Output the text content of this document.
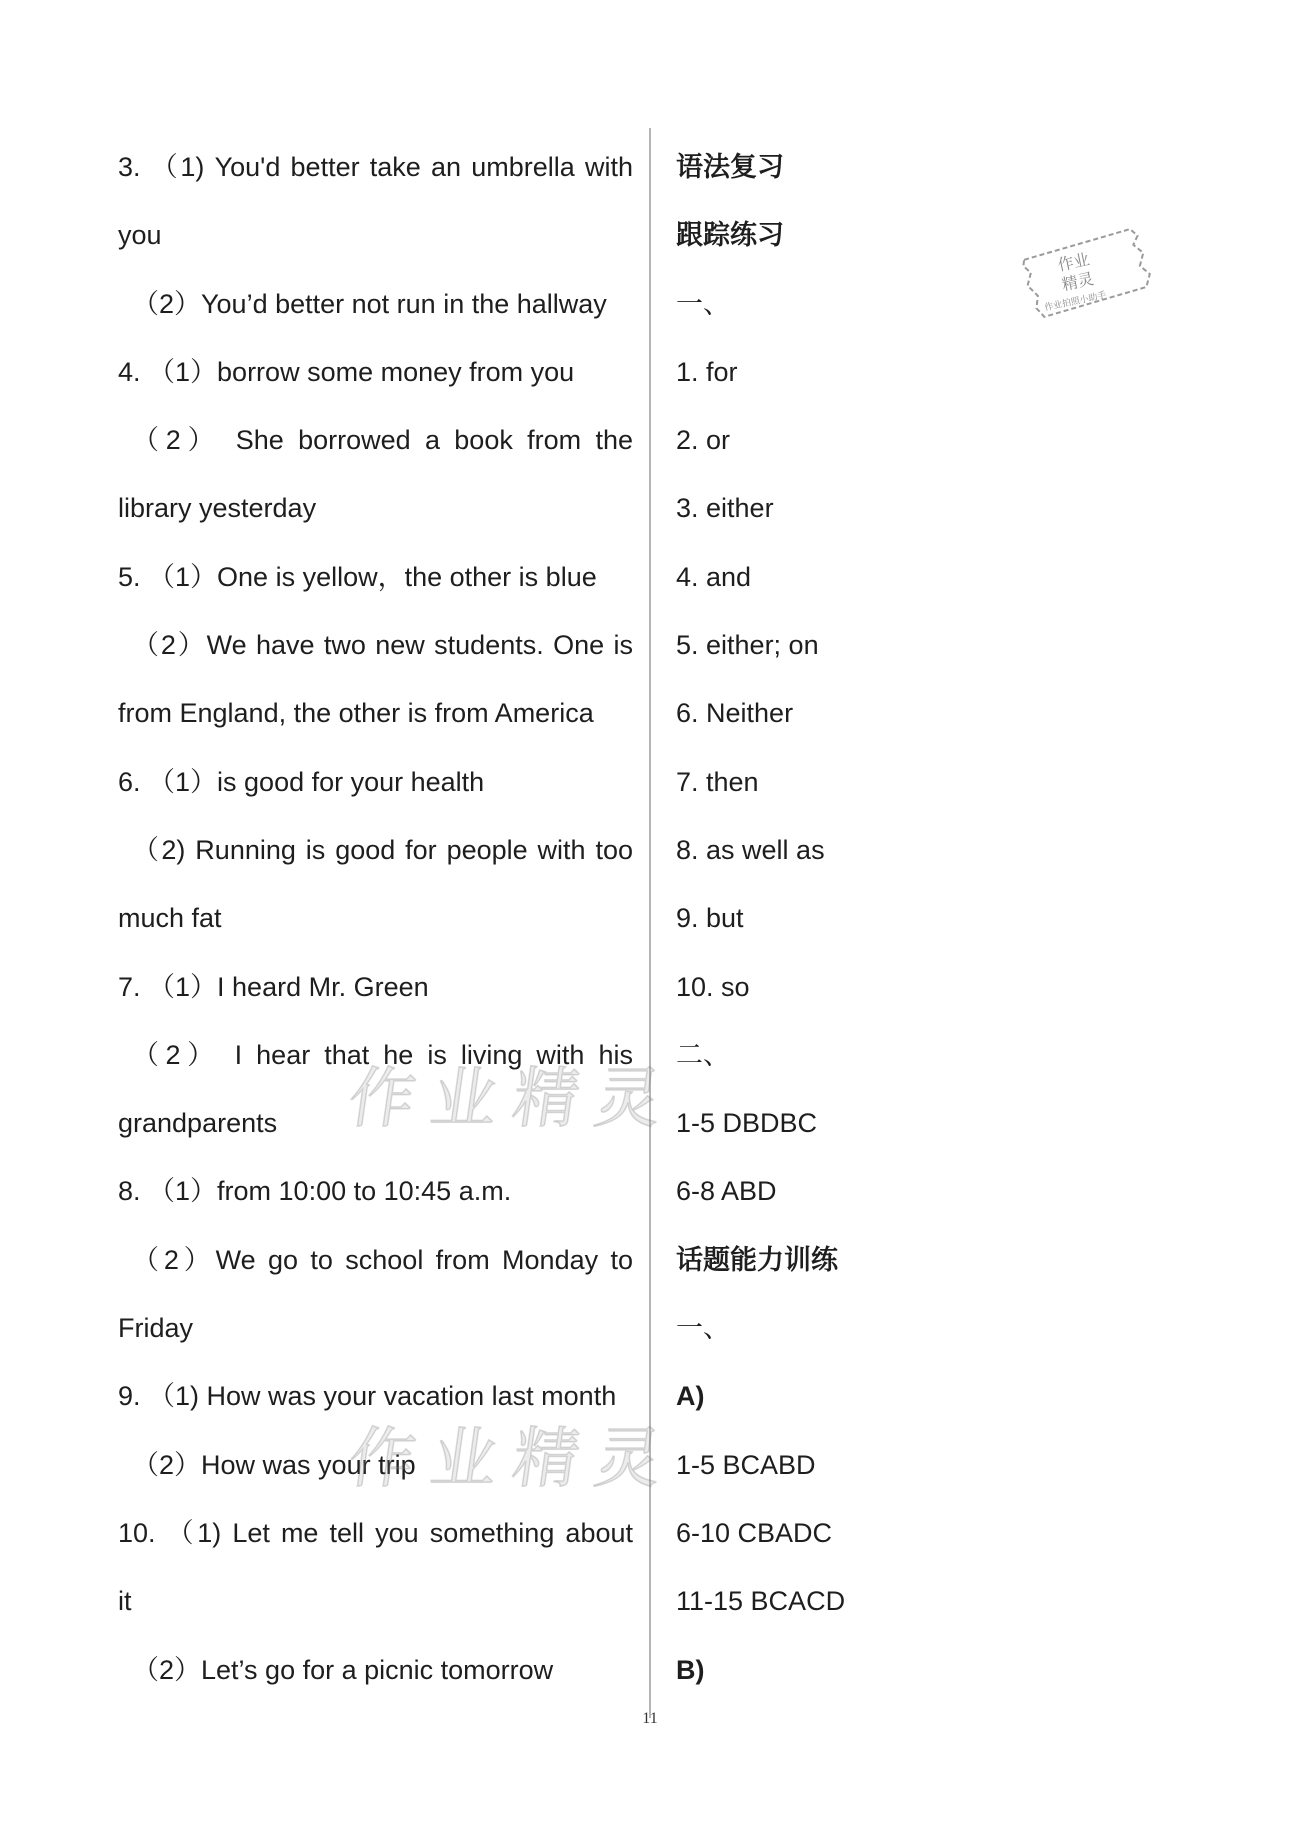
3. （1) You'd better take an umbrella with
you
（2）You’d better not run in the hallway
4. （1）borrow some money from you
（2） She borrowed a book from the
library yesterday
5. （1）One is yellow，the other is blue
（2）We have two new students. One is
from England, the other is from America
6. （1）is good for your health
（2) Running is good for people with too
much fat
7. （1）I heard Mr. Green
（2） I hear that he is living with his
grandparents
8. （1）from 10:00 to 10:45 a.m.
（2）We go to school from Monday to
Friday
9. （1) How was your vacation last month
（2）How was your trip
10. （1) Let me tell you something about
it
（2）Let’s go for a picnic tomorrow
语法复习
跟踪练习
一、
1. for
2. or
3. either
4. and
5. either; on
6. Neither
7. then
8. as well as
9. but
10. so
二、
1-5 DBDBC
6-8 ABD
话题能力训练
一、
A)
1-5 BCABD
6-10 CBADC
11-15 BCACD
B)
作业精灵
作业精灵
作业
精灵
作业拍照小助手
11
